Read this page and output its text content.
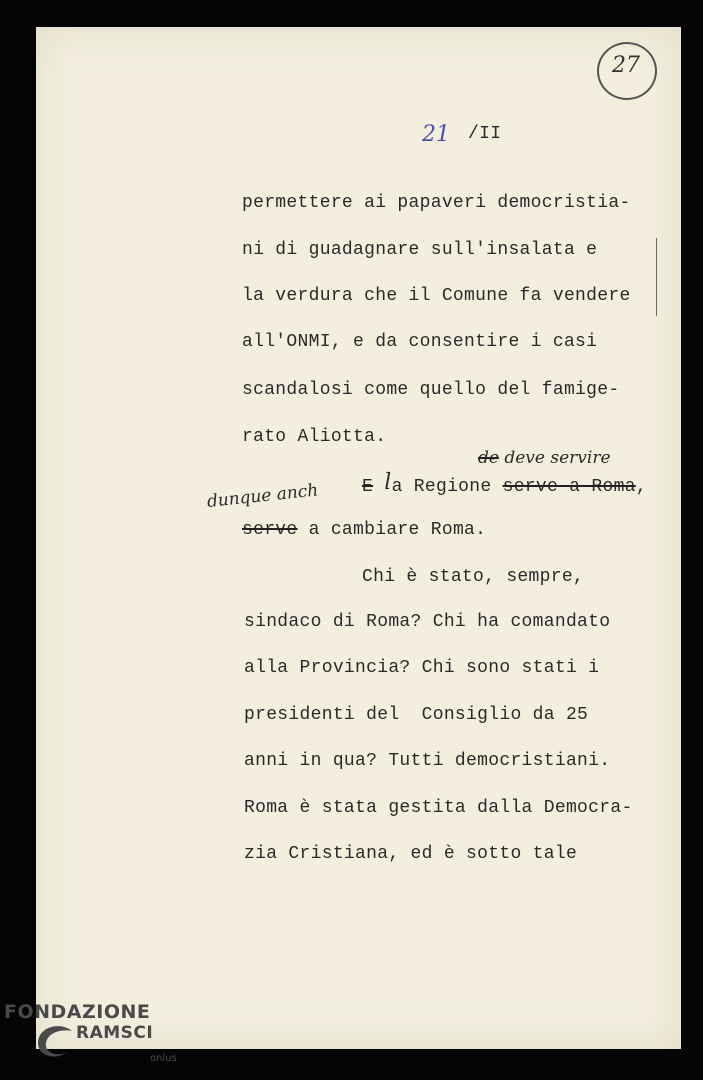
27
21 /II
permettere ai papaveri democristia-
ni di guadagnare sull'insalata e
la verdura che il Comune fa vendere
all'ONMI, e da consentire i casi
scandalosi come quello del famige-
rato Aliotta.
de deve servire
E la Regione serve a Roma,
dunque anch
serve a cambiare Roma.
Chi è stato, sempre,
sindaco di Roma? Chi ha comandato
alla Provincia? Chi sono stati i
presidenti del  Consiglio da 25
anni in qua? Tutti democristiani.
Roma è stata gestita dalla Democra-
zia Cristiana, ed è sotto tale
FONDAZIONE
RAMSCI
onlus
